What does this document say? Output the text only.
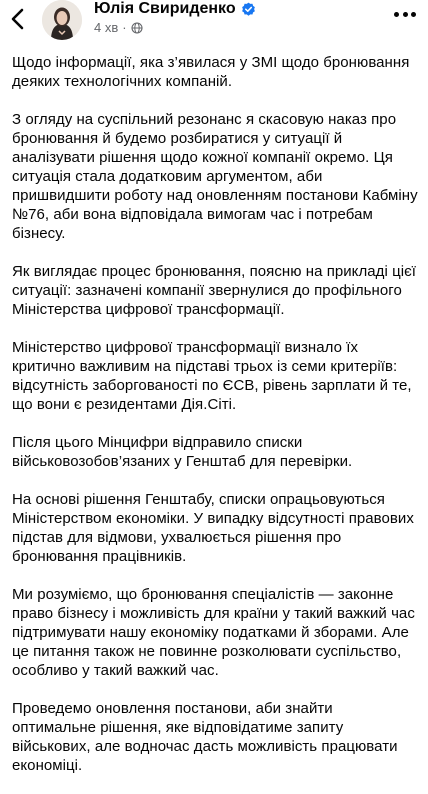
Юлія Свириденко
4 хв ·

Щодо інформації, яка з’явилася у ЗМІ щодо бронювання деяких технологічних компаній.

З огляду на суспільний резонанс я скасовую наказ про бронювання й будемо розбиратися у ситуації й аналізувати рішення щодо кожної компанії окремо. Ця ситуація стала додатковим аргументом, аби пришвидшити роботу над оновленням постанови Кабміну №76, аби вона відповідала вимогам час і потребам бізнесу.

Як виглядає процес бронювання, поясню на прикладі цієї ситуації: зазначені компанії звернулися до профільного Міністерства цифрової трансформації.

Міністерство цифрової трансформації визнало їх критично важливим на підставі трьох із семи критеріїв: відсутність заборгованості по ЄСВ, рівень зарплати й те, що вони є резидентами Дія.Сіті.

Після цього Мінцифри відправило списки військовозобов’язаних у Генштаб для перевірки.

На основі рішення Генштабу, списки опрацьовуються Міністерством економіки. У випадку відсутності правових підстав для відмови, ухвалюється рішення про бронювання працівників.

Ми розуміємо, що бронювання спеціалістів — законне право бізнесу і можливість для країни у такий важкий час підтримувати нашу економіку податками й зборами. Але це питання також не повинне розколювати суспільство, особливо у такий важкий час.

Проведемо оновлення постанови, аби знайти оптимальне рішення, яке відповідатиме запиту військових, але водночас дасть можливість працювати економіці.
